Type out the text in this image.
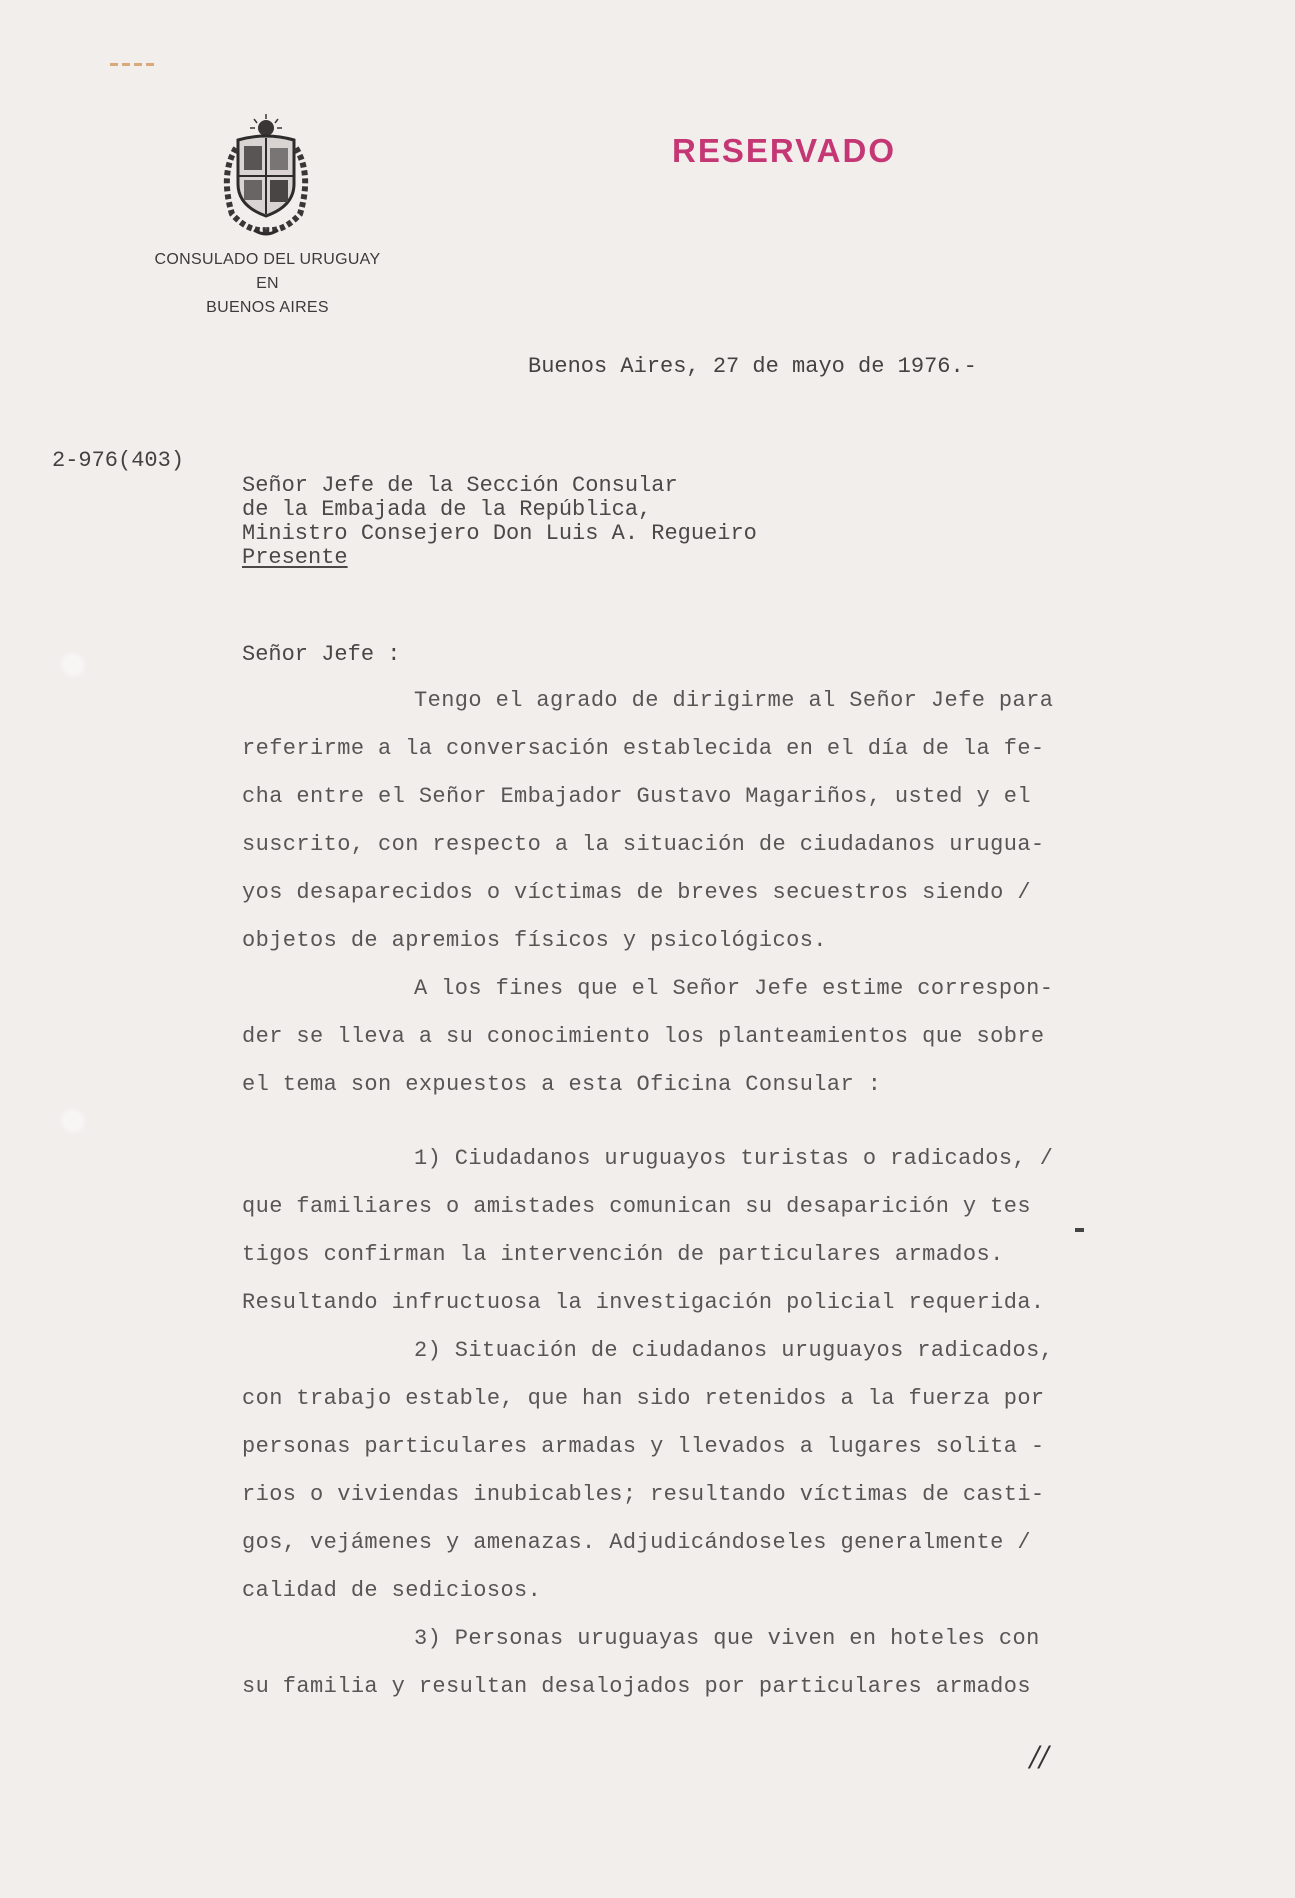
CONSULADO DEL URUGUAY
EN
BUENOS AIRES
RESERVADO
Buenos Aires, 27 de mayo de 1976.-
2-976(403)
Señor Jefe de la Sección Consular
de la Embajada de la República,
Ministro Consejero Don Luis A. Regueiro
Presente
Señor Jefe :
Tengo el agrado de dirigirme al Señor Jefe para
referirme a la conversación establecida en el día de la fe-
cha entre el Señor Embajador Gustavo Magariños, usted y el
suscrito, con respecto a la situación de ciudadanos urugua-
yos desaparecidos o víctimas de breves secuestros siendo /
objetos de apremios físicos y psicológicos.
A los fines que el Señor Jefe estime correspon-
der se lleva a su conocimiento los planteamientos que sobre
el tema son expuestos a esta Oficina Consular :
1) Ciudadanos uruguayos turistas o radicados, /
que familiares o amistades comunican su desaparición y tes
tigos confirman la intervención de particulares armados.
Resultando infructuosa la investigación policial requerida.
2) Situación de ciudadanos uruguayos radicados,
con trabajo estable, que han sido retenidos a la fuerza por
personas particulares armadas y llevados a lugares solita -
rios o viviendas inubicables; resultando víctimas de casti-
gos, vejámenes y amenazas. Adjudicándoseles generalmente /
calidad de sediciosos.
3) Personas uruguayas que viven en hoteles con
su familia y resultan desalojados por particulares armados
//
